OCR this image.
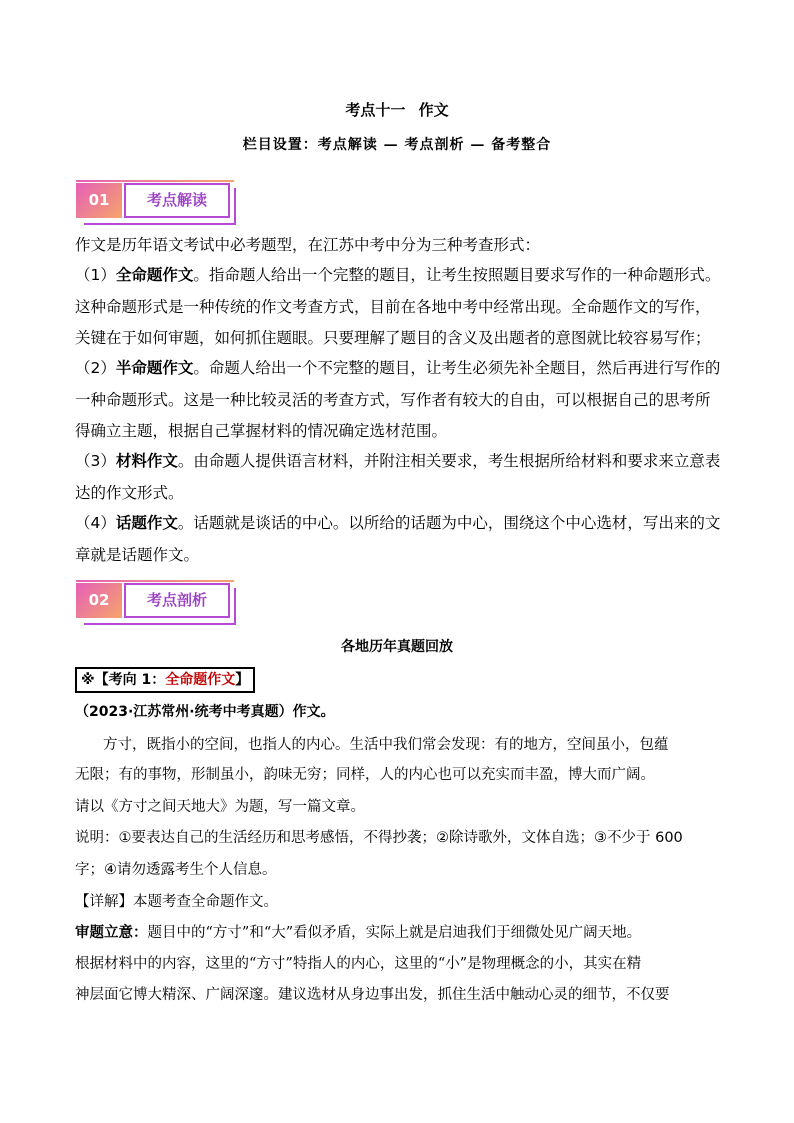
考点十一 作文
栏目设置：考点解读 — 考点剖析 — 备考整合
01	考点解读
作文是历年语文考试中必考题型，在江苏中考中分为三种考查形式：
（1）全命题作文。指命题人给出一个完整的题目，让考生按照题目要求写作的一种命题形式。这种命题形式是一种传统的作文考查方式，目前在各地中考中经常出现。全命题作文的写作，关键在于如何审题，如何抓住题眼。只要理解了题目的含义及出题者的意图就比较容易写作；
（2）半命题作文。命题人给出一个不完整的题目，让考生必须先补全题目，然后再进行写作的一种命题形式。这是一种比较灵活的考查方式，写作者有较大的自由，可以根据自己的思考所得确立主题，根据自己掌握材料的情况确定选材范围。
（3）材料作文。由命题人提供语言材料，并附注相关要求，考生根据所给材料和要求来立意表达的作文形式。
（4）话题作文。话题就是谈话的中心。以所给的话题为中心，围绕这个中心选材，写出来的文章就是话题作文。
02	考点剖析
各地历年真题回放
※【考向 1：全命题作文】
（2023·江苏常州·统考中考真题）作文。
方寸，既指小的空间，也指人的内心。生活中我们常会发现：有的地方，空间虽小，包蕴
无限；有的事物，形制虽小，韵味无穷；同样，人的内心也可以充实而丰盈，博大而广阔。
请以《方寸之间天地大》为题，写一篇文章。
说明：①要表达自己的生活经历和思考感悟，不得抄袭；②除诗歌外，文体自选；③不少于 600
字；④请勿透露考生个人信息。
【详解】本题考查全命题作文。
审题立意：题目中的“方寸”和“大”看似矛盾，实际上就是启迪我们于细微处见广阔天地。
根据材料中的内容，这里的“方寸”特指人的内心，这里的“小”是物理概念的小，其实在精
神层面它博大精深、广阔深邃。建议选材从身边事出发，抓住生活中触动心灵的细节，不仅要
